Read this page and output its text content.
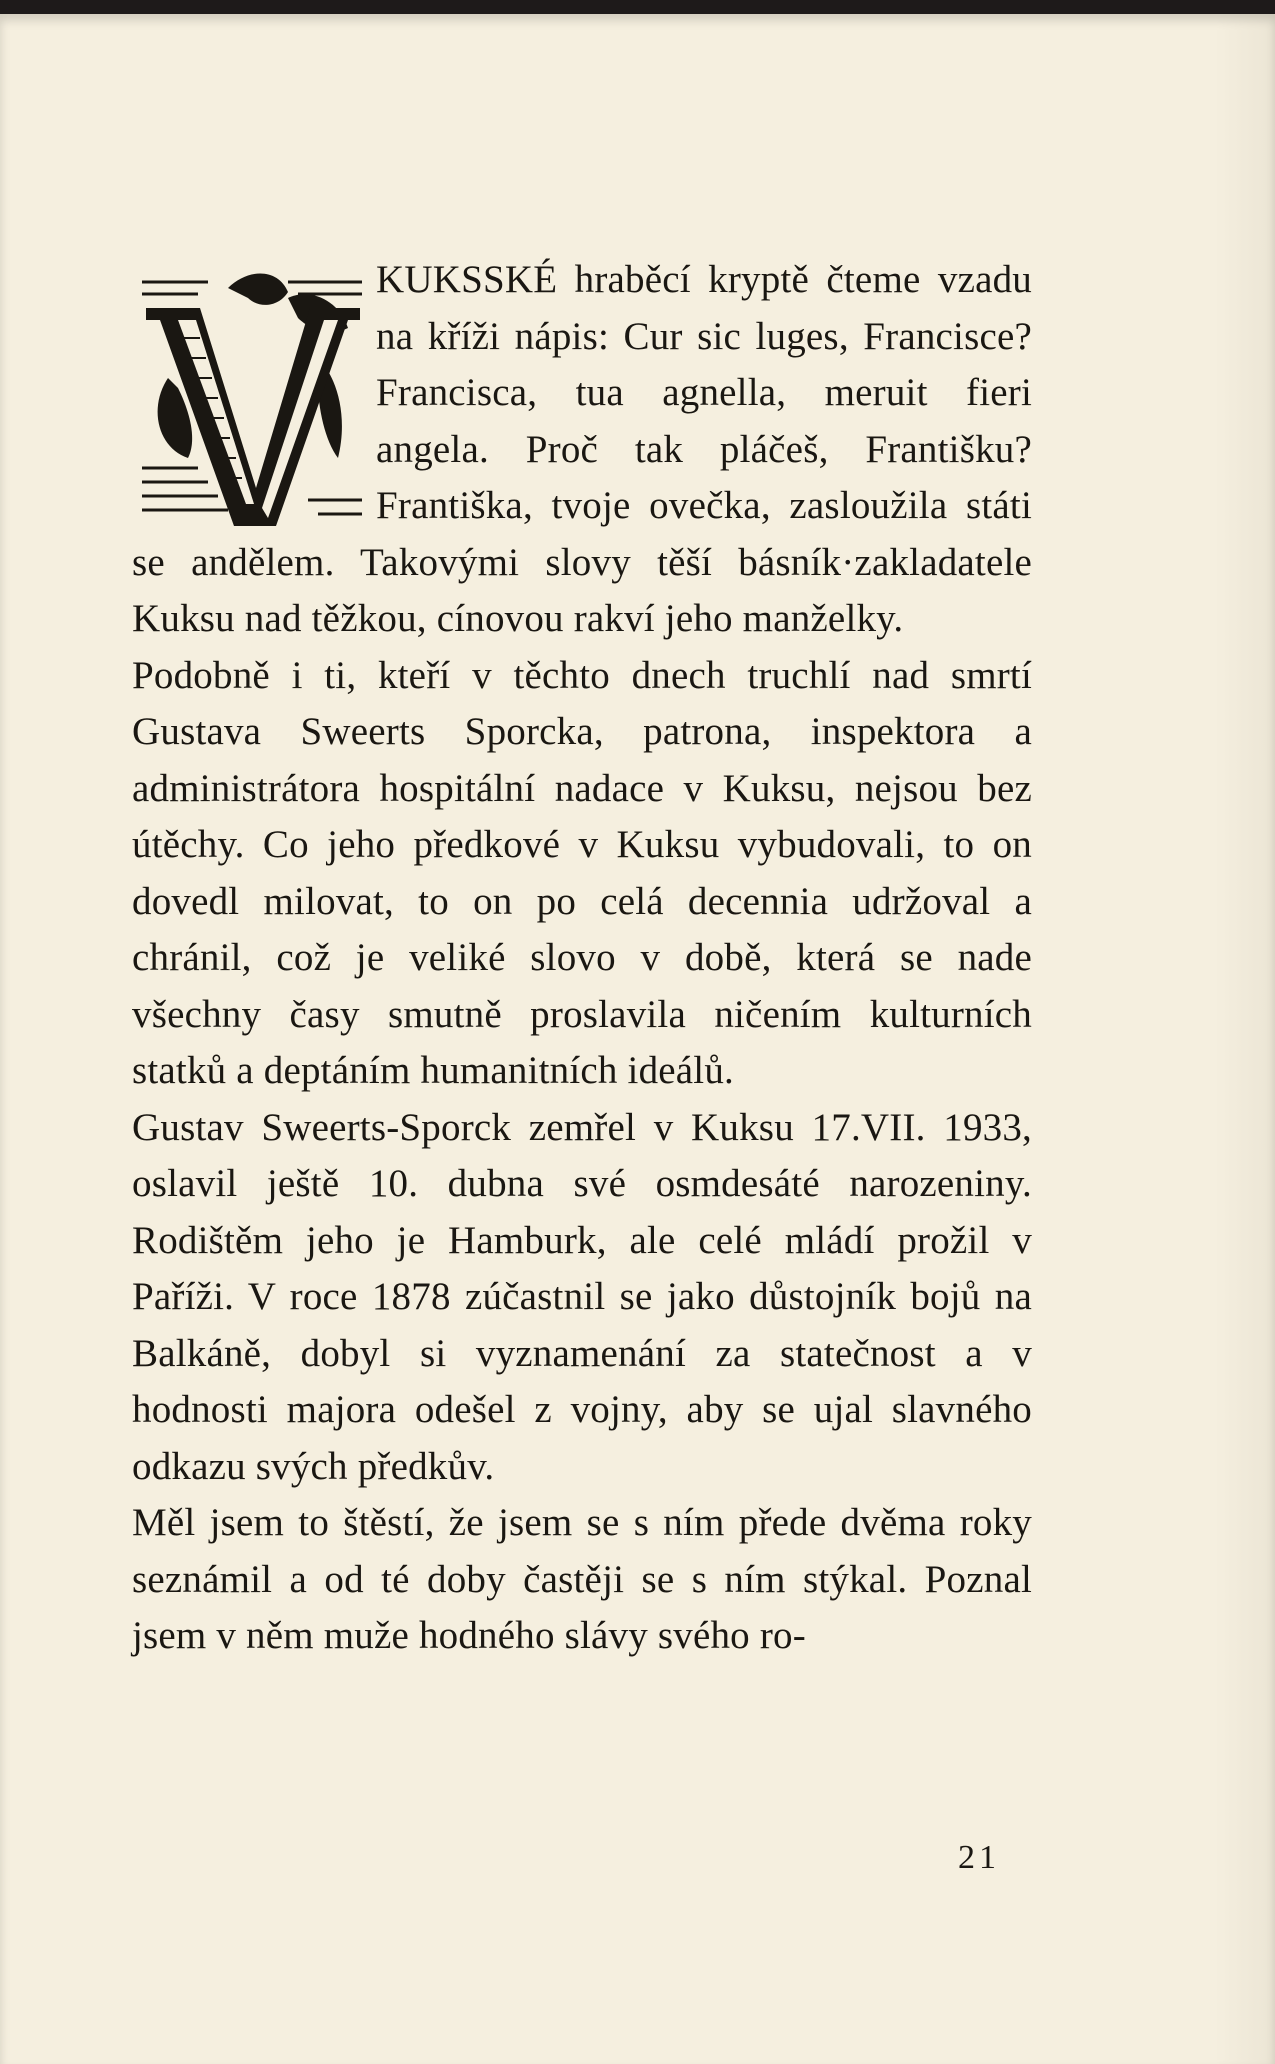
KUKSSKÉ hraběcí kryptě čteme vzadu na kříži nápis: Cur sic luges, Francisce? Francisca, tua agnella, meruit fieri angela. Proč tak pláčeš, Františku? Františka, tvoje ovečka, zasloužila státi se andělem. Takovými slovy těší básník·zakladatele Kuksu nad těžkou, cínovou rakví jeho manželky.

Podobně i ti, kteří v těchto dnech truchlí nad smrtí Gustava Sweerts Sporcka, patrona, inspektora a administrátora hospitální nadace v Kuksu, nejsou bez útěchy. Co jeho předkové v Kuksu vybudovali, to on dovedl milovat, to on po celá decennia udržoval a chránil, což je veliké slovo v době, která se nade všechny časy smutně proslavila ničením kulturních statků a deptáním humanitních ideálů.

Gustav Sweerts-Sporck zemřel v Kuksu 17.VII. 1933, oslavil ještě 10. dubna své osmdesáté narozeniny. Rodištěm jeho je Hamburk, ale celé mládí prožil v Paříži. V roce 1878 zúčastnil se jako důstojník bojů na Balkáně, dobyl si vyznamenání za statečnost a v hodnosti majora odešel z vojny, aby se ujal slavného odkazu svých předkův.

Měl jsem to štěstí, že jsem se s ním přede dvěma roky seznámil a od té doby častěji se s ním stýkal. Poznal jsem v něm muže hodného slávy svého ro-

21
